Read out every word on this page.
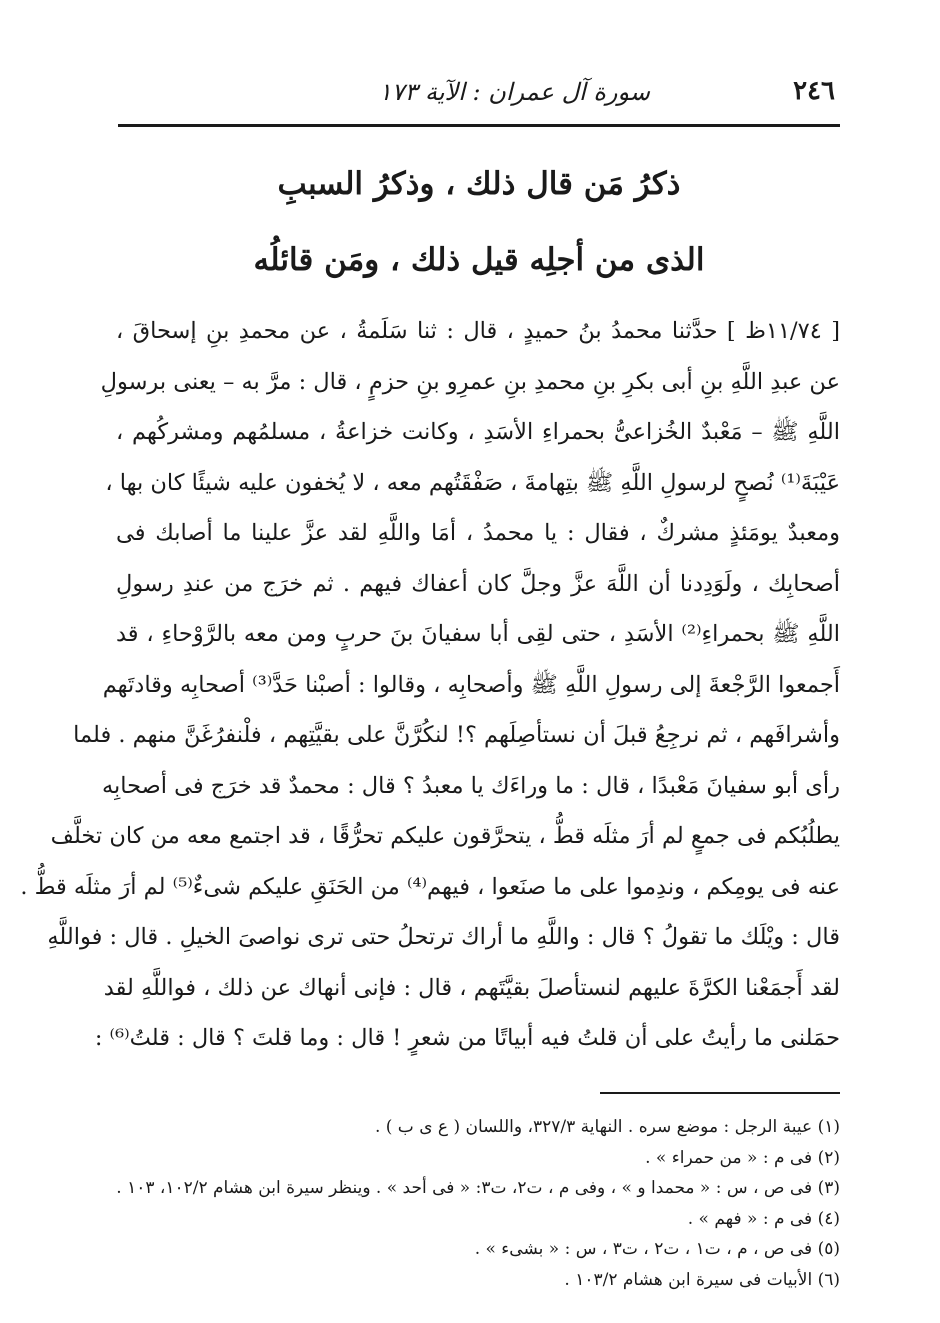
٢٤٦
سورة آل عمران : الآية ١٧٣
ذكرُ مَن قال ذلك ، وذكرُ السببِ
الذى من أجلِه قيل ذلك ، ومَن قائلُه
[ ١١/٧٤ظ ] حدَّثنا محمدُ بنُ حميدٍ ، قال : ثنا سَلَمةُ ، عن محمدِ بنِ إسحاقَ ،
عن عبدِ اللَّهِ بنِ أبى بكرِ بنِ محمدِ بنِ عمرِو بنِ حزمٍ ، قال : مرَّ به – يعنى برسولِ
اللَّهِ ﷺ – مَعْبدٌ الخُزاعىُّ بحمراءِ الأسَدِ ، وكانت خزاعةُ ، مسلمُهم ومشركُهم ،
عَيْبَةَ⁽¹⁾ نُصحٍ لرسولِ اللَّهِ ﷺ بتِهامةَ ، صَفْقَتُهم معه ، لا يُخفون عليه شيئًا كان بها ،
ومعبدٌ يومَئذٍ مشركٌ ، فقال : يا محمدُ ، أمَا واللَّهِ لقد عزَّ علينا ما أصابك فى
أصحابِك ، ولَوَدِدنا أن اللَّهَ عزَّ وجلَّ كان أعفاك فيهم . ثم خرَج من عندِ رسولِ
اللَّهِ ﷺ بحمراءِ⁽²⁾ الأسَدِ ، حتى لقِى أبا سفيانَ بنَ حربٍ ومن معه بالرَّوْحاءِ ، قد
أَجمعوا الرَّجْعةَ إلى رسولِ اللَّهِ ﷺ وأصحابِه ، وقالوا : أصبْنا حَدَّ⁽³⁾ أصحابِه وقادتَهم
وأشرافَهم ، ثم نرجِعُ قبلَ أن نستأصِلَهم ؟! لنكُرَّنَّ على بقيَّتِهم ، فلْنفرُغَنَّ منهم . فلما
رأى أبو سفيانَ مَعْبدًا ، قال : ما وراءَك يا معبدُ ؟ قال : محمدٌ قد خرَج فى أصحابِه
يطلُبُكم فى جمعٍ لم أرَ مثلَه قطُّ ، يتحرَّقون عليكم تحرُّقًا ، قد اجتمع معه من كان تخلَّف
عنه فى يومِكم ، وندِموا على ما صنَعوا ، فيهم⁽⁴⁾ من الحَنَقِ عليكم شىءٌ⁽⁵⁾ لم أرَ مثلَه قطُّ .
قال : ويْلَك ما تقولُ ؟ قال : واللَّهِ ما أراك ترتحلُ حتى ترى نواصىَ الخيلِ . قال : فواللَّهِ
لقد أَجمَعْنا الكرَّةَ عليهم لنستأصلَ بقيَّتَهم ، قال : فإنى أنهاك عن ذلك ، فواللَّهِ لقد
حمَلنى ما رأيتُ على أن قلتُ فيه أبياتًا من شعرٍ ! قال : وما قلتَ ؟ قال : قلتُ⁽⁶⁾ :
(١) عيبة الرجل : موضع سره . النهاية ٣٢٧/٣، واللسان ( ع ى ب ) .
(٢) فى م : « من حمراء » .
(٣) فى ص ، س : « محمدا و » ، وفى م ، ت٢، ت٣: « فى أحد » . وينظر سيرة ابن هشام ١٠٢/٢، ١٠٣ .
(٤) فى م : « فهم » .
(٥) فى ص ، م ، ت١ ، ت٢ ، ت٣ ، س : « بشىء » .
(٦) الأبيات فى سيرة ابن هشام ١٠٣/٢ .
